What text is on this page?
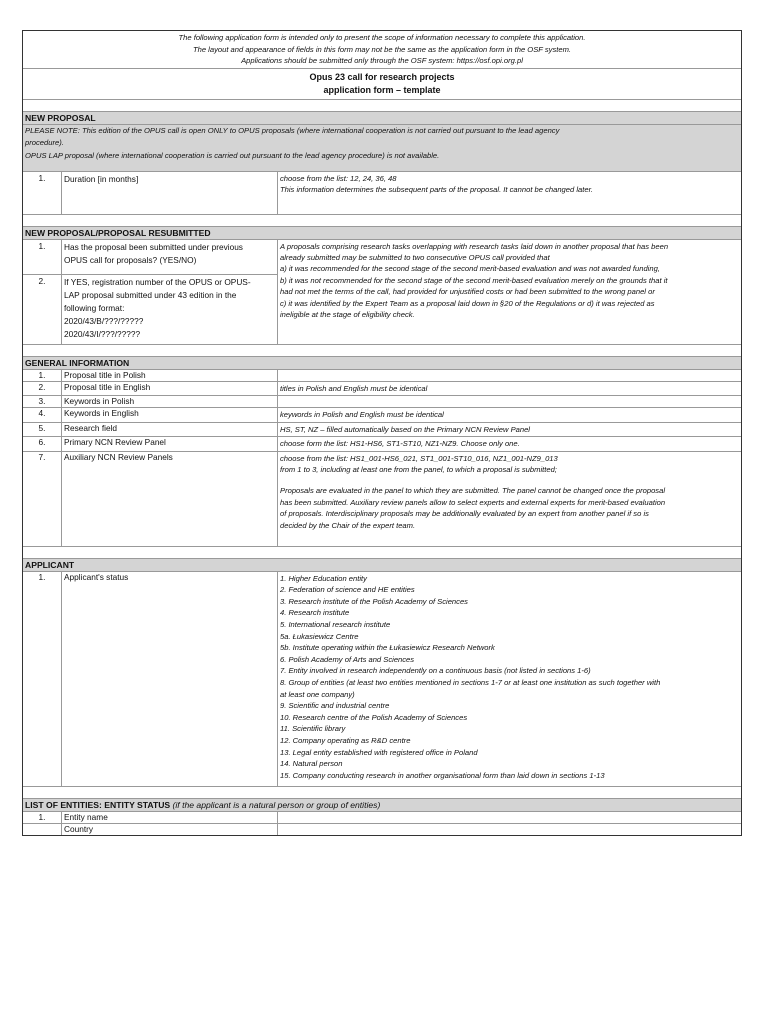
The following application form is intended only to present the scope of information necessary to complete this application.
The layout and appearance of fields in this form may not be the same as the application form in the OSF system.
Applications should be submitted only through the OSF system: https://osf.opi.org.pl
Opus 23 call for research projects
application form – template
NEW PROPOSAL
PLEASE NOTE: This edition of the OPUS call is open ONLY to OPUS proposals (where international cooperation is not carried out pursuant to the lead agency
procedure).
OPUS LAP proposal (where international cooperation is carried out pursuant to the lead agency procedure) is not available.
1.	Duration [in months]	choose from the list: 12, 24, 36, 48
This information determines the subsequent parts of the proposal. It cannot be changed later.
NEW PROPOSAL/PROPOSAL RESUBMITTED
1.	Has the proposal been submitted under previous
OPUS call for proposals? (YES/NO)
2.	If YES, registration number of the OPUS or OPUS-
LAP proposal submitted under 43 edition in the
following format:
2020/43/B/???/?????
2020/43/I/???/?????
A proposals comprising research tasks overlapping with research tasks laid down in another proposal that has been
already submitted may be submitted to two consecutive OPUS call provided that
a) it was recommended for the second stage of the second merit-based evaluation and was not awarded funding,
b) it was not recommended for the second stage of the second merit-based evaluation merely on the grounds that it
had not met the terms of the call, had provided for unjustified costs or had been submitted to the wrong panel or
c) it was identified by the Expert Team as a proposal laid down in §20 of the Regulations or d) it was rejected as
ineligible at the stage of eligibility check.
GENERAL INFORMATION
1.	Proposal title in Polish
2.	Proposal title in English	titles in Polish and English must be identical
3.	Keywords in Polish
4.	Keywords in English	keywords in Polish and English must be identical
5.	Research field	HS, ST, NZ – filled automatically based on the Primary NCN Review Panel
6.	Primary NCN Review Panel	choose form the list: HS1-HS6, ST1-ST10, NZ1-NZ9. Choose only one.
7.	Auxiliary NCN Review Panels	choose from the list: HS1_001-HS6_021, ST1_001-ST10_016, NZ1_001-NZ9_013
from 1 to 3, including at least one from the panel, to which a proposal is submitted;
Proposals are evaluated in the panel to which they are submitted. The panel cannot be changed once the proposal
has been submitted. Auxiliary review panels allow to select experts and external experts for merit-based evaluation
of proposals. Interdisciplinary proposals may be additionally evaluated by an expert from another panel if so is
decided by the Chair of the expert team.
APPLICANT
1.	Applicant's status	1. Higher Education entity
2. Federation of science and HE entities
3. Research institute of the Polish Academy of Sciences
4. Research institute
5. International research institute
5a. Łukasiewicz Centre
5b. Institute operating within the Łukasiewicz Research Network
6. Polish Academy of Arts and Sciences
7. Entity involved in research independently on a continuous basis (not listed in sections 1-6)
8. Group of entities (at least two entities mentioned in sections 1-7 or at least one institution as such together with
at least one company)
9. Scientific and industrial centre
10. Research centre of the Polish Academy of Sciences
11. Scientific library
12. Company operating as R&D centre
13. Legal entity established with registered office in Poland
14. Natural person
15. Company conducting research in another organisational form than laid down in sections 1-13
LIST OF ENTITIES: ENTITY STATUS (if the applicant is a natural person or group of entities)
1.	Entity name
Country
